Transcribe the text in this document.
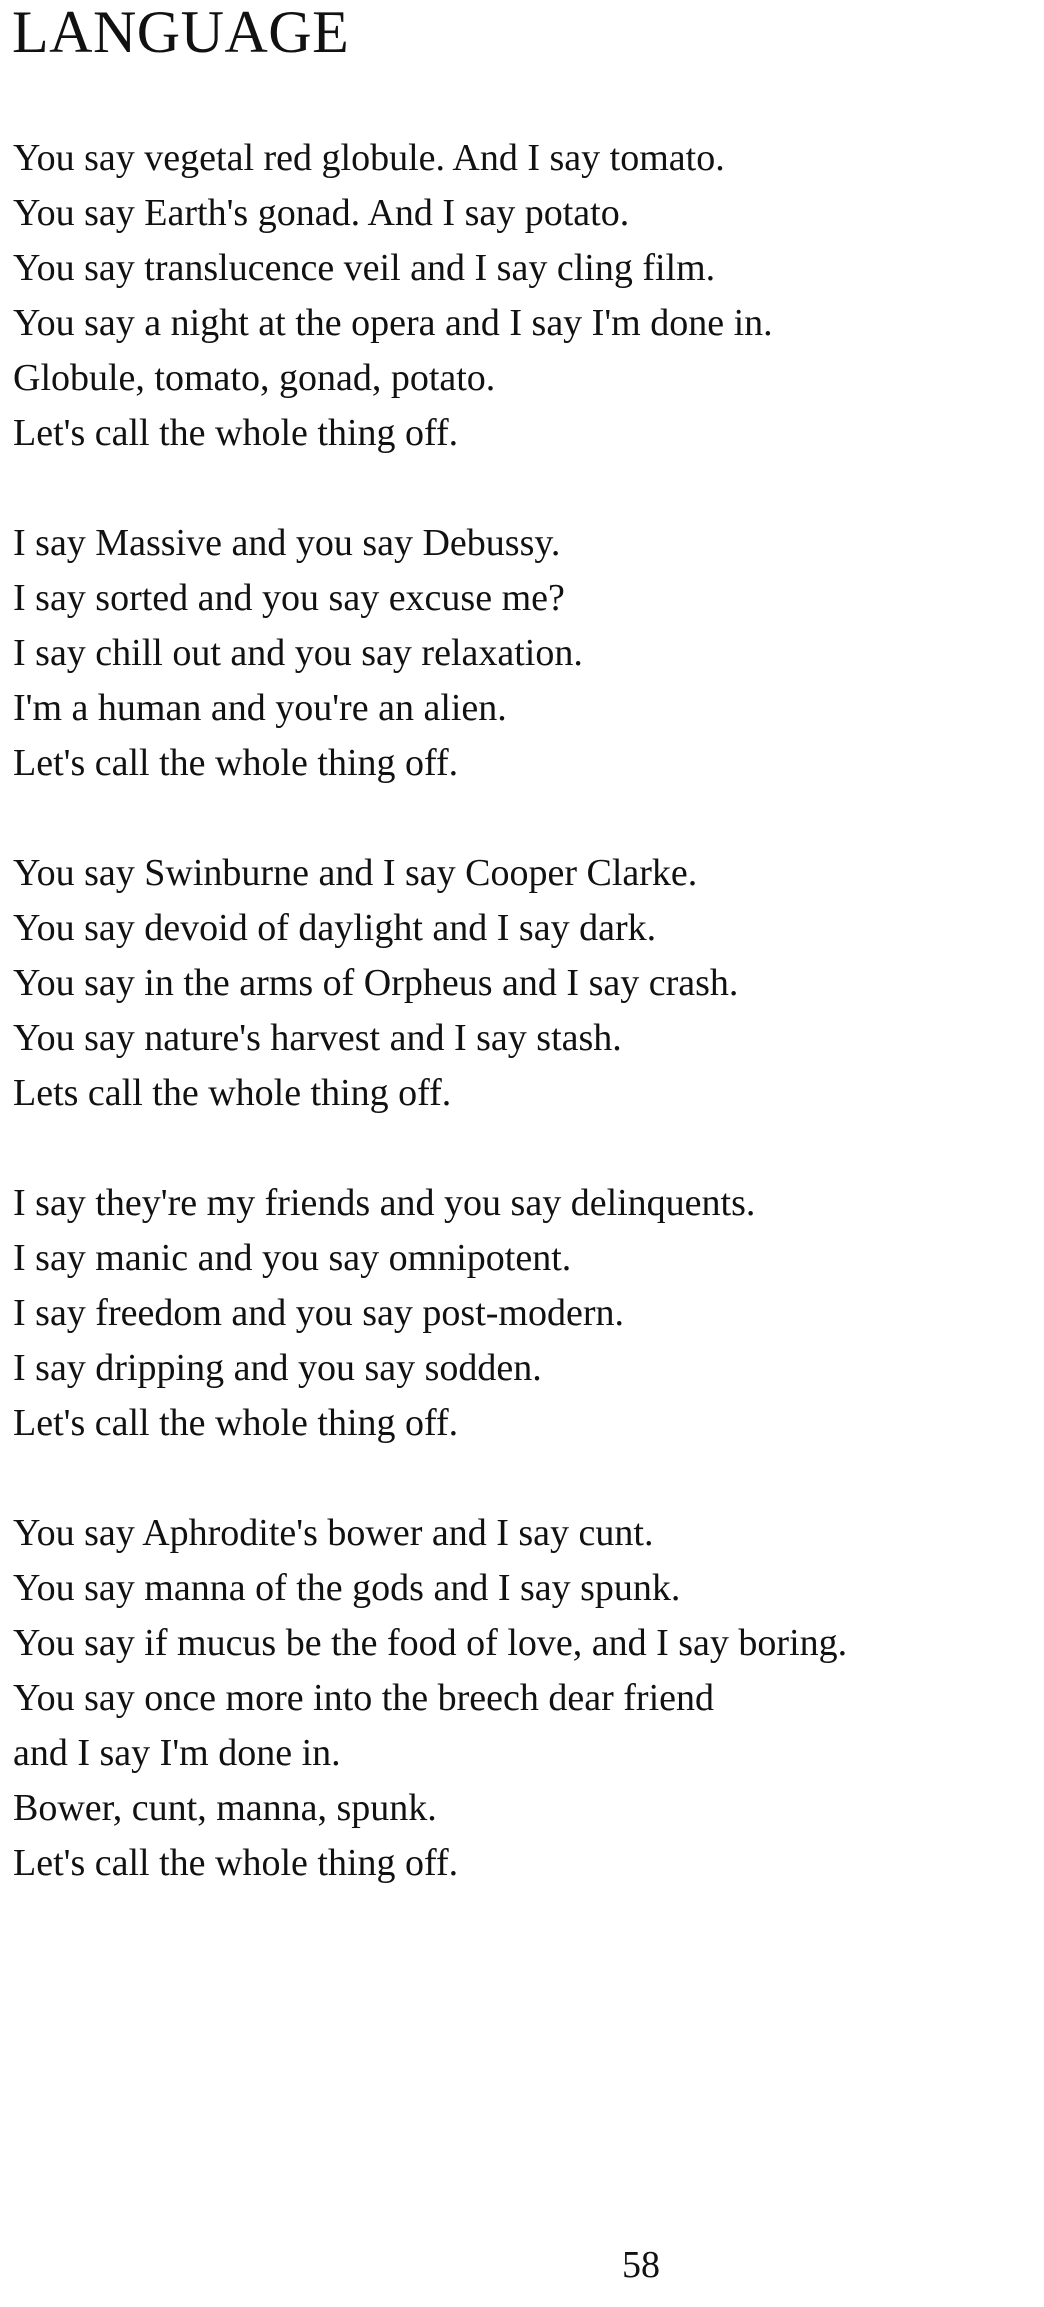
LANGUAGE
You say vegetal red globule. And I say tomato.
You say Earth's gonad. And I say potato.
You say translucence veil and I say cling film.
You say a night at the opera and I say I'm done in.
Globule, tomato, gonad, potato.
Let's call the whole thing off.
I say Massive and you say Debussy.
I say sorted and you say excuse me?
I say chill out and you say relaxation.
I'm a human and you're an alien.
Let's call the whole thing off.
You say Swinburne and I say Cooper Clarke.
You say devoid of daylight and I say dark.
You say in the arms of Orpheus and I say crash.
You say nature's harvest and I say stash.
Lets call the whole thing off.
I say they're my friends and you say delinquents.
I say manic and you say omnipotent.
I say freedom and you say post-modern.
I say dripping and you say sodden.
Let's call the whole thing off.
You say Aphrodite's bower and I say cunt.
You say manna of the gods and I say spunk.
You say if mucus be the food of love, and I say boring.
You say once more into the breech dear friend
and I say I'm done in.
Bower, cunt, manna, spunk.
Let's call the whole thing off.
58
